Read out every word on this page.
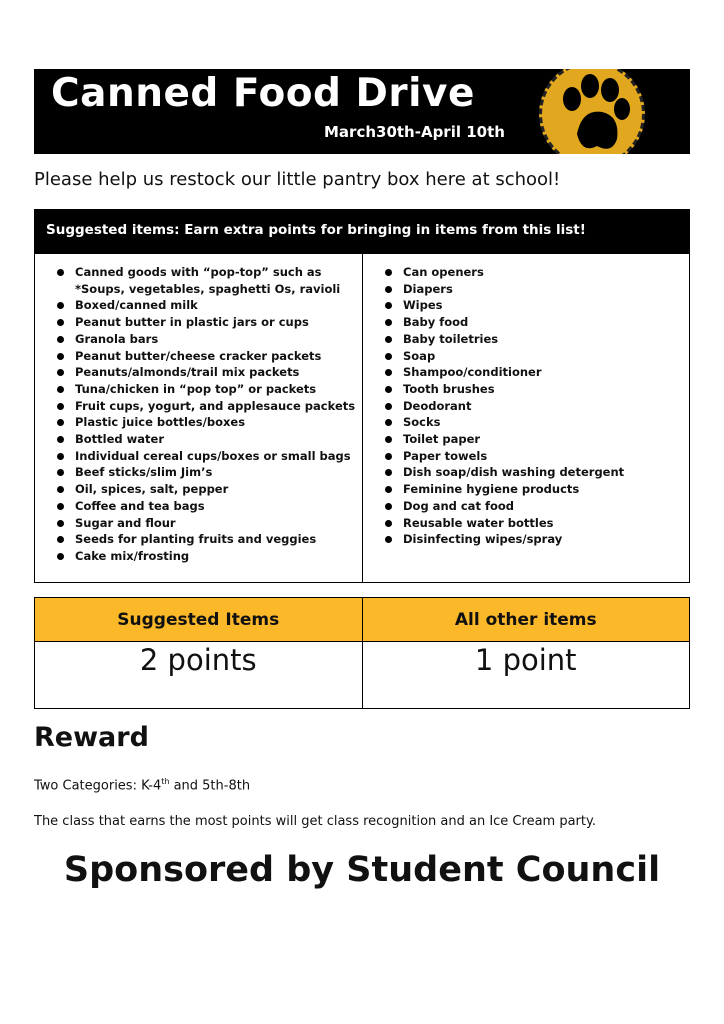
Canned Food Drive
March30th-April 10th
Please help us restock our little pantry box here at school!
Suggested items: Earn extra points for bringing in items from this list!
Canned goods with “pop-top” such as *Soups, vegetables, spaghetti Os, ravioli
Boxed/canned milk
Peanut butter in plastic jars or cups
Granola bars
Peanut butter/cheese cracker packets
Peanuts/almonds/trail mix packets
Tuna/chicken in “pop top” or packets
Fruit cups, yogurt, and applesauce packets
Plastic juice bottles/boxes
Bottled water
Individual cereal cups/boxes or small bags
Beef sticks/slim Jim’s
Oil, spices, salt, pepper
Coffee and tea bags
Sugar and flour
Seeds for planting fruits and veggies
Cake mix/frosting
Can openers
Diapers
Wipes
Baby food
Baby toiletries
Soap
Shampoo/conditioner
Tooth brushes
Deodorant
Socks
Toilet paper
Paper towels
Dish soap/dish washing detergent
Feminine hygiene products
Dog and cat food
Reusable water bottles
Disinfecting wipes/spray
Suggested Items	All other items
2 points	1 point
Reward
Two Categories: K-4th and 5th-8th
The class that earns the most points will get class recognition and an Ice Cream party.
Sponsored by Student Council
